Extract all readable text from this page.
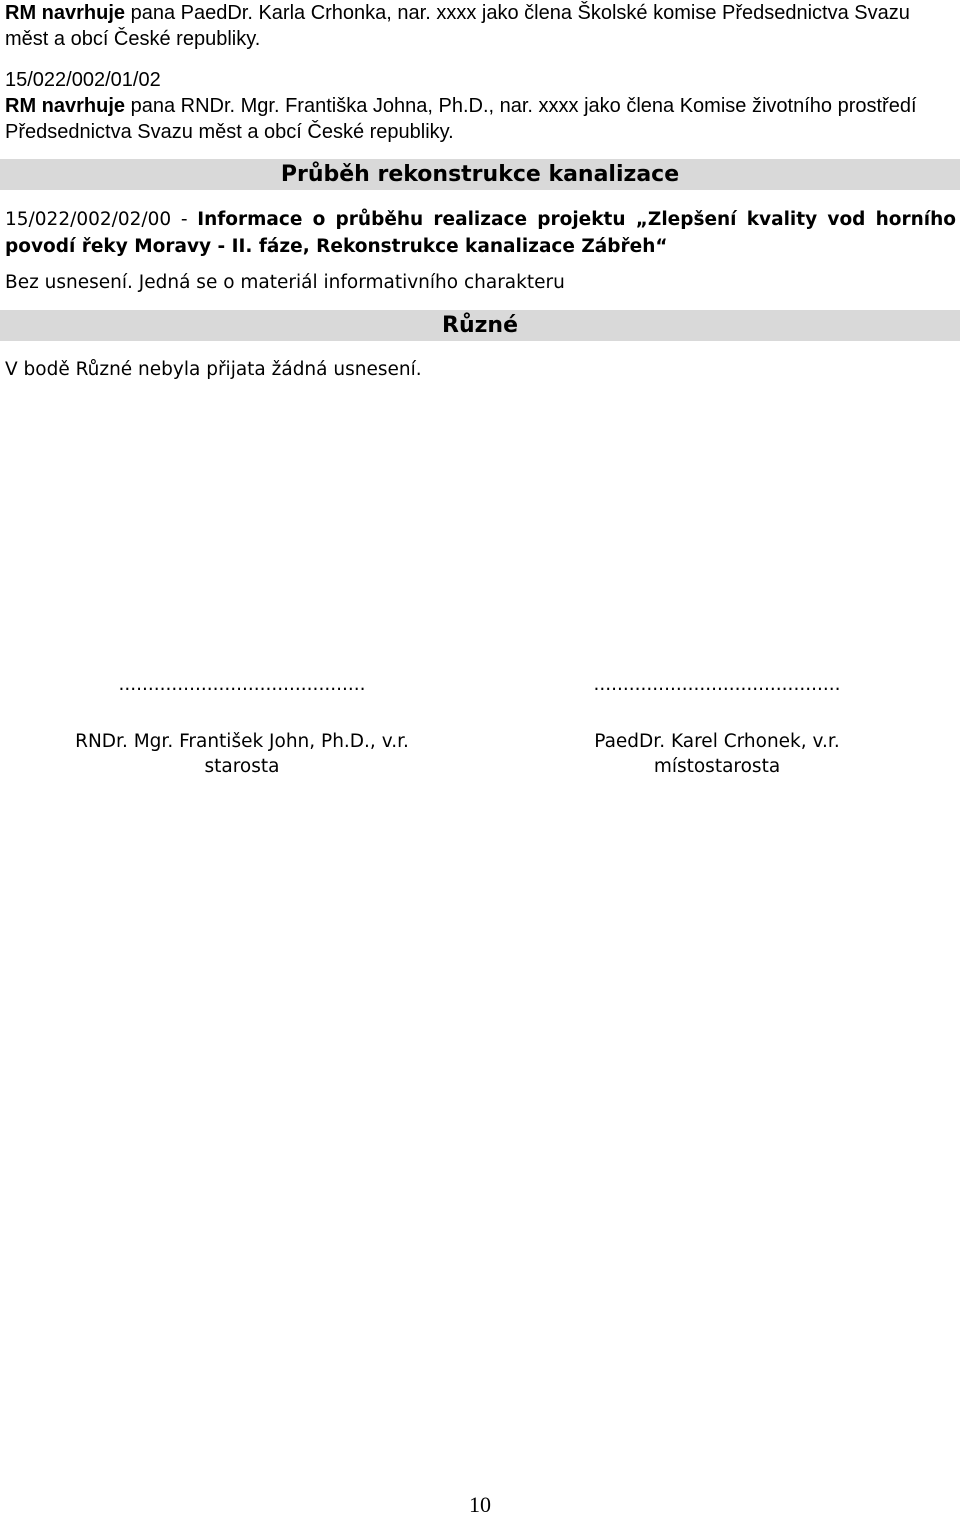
RM navrhuje pana PaedDr. Karla Crhonka, nar. xxxx jako člena Školské komise Předsednictva Svazu měst a obcí České republiky.

15/022/002/01/02

RM navrhuje pana RNDr. Mgr. Františka Johna, Ph.D., nar. xxxx jako člena Komise životního prostředí Předsednictva Svazu měst a obcí České republiky.

Průběh rekonstrukce kanalizace

15/022/002/02/00 - Informace o průběhu realizace projektu „Zlepšení kvality vod horního povodí řeky Moravy - II. fáze, Rekonstrukce kanalizace Zábřeh“

Bez usnesení. Jedná se o materiál informativního charakteru
Různé
V bodě Různé nebyla přijata žádná usnesení.
..........................................
RNDr. Mgr. František John, Ph.D., v.r.
starosta
..........................................
PaedDr. Karel Crhonek, v.r.
místostarosta
10
